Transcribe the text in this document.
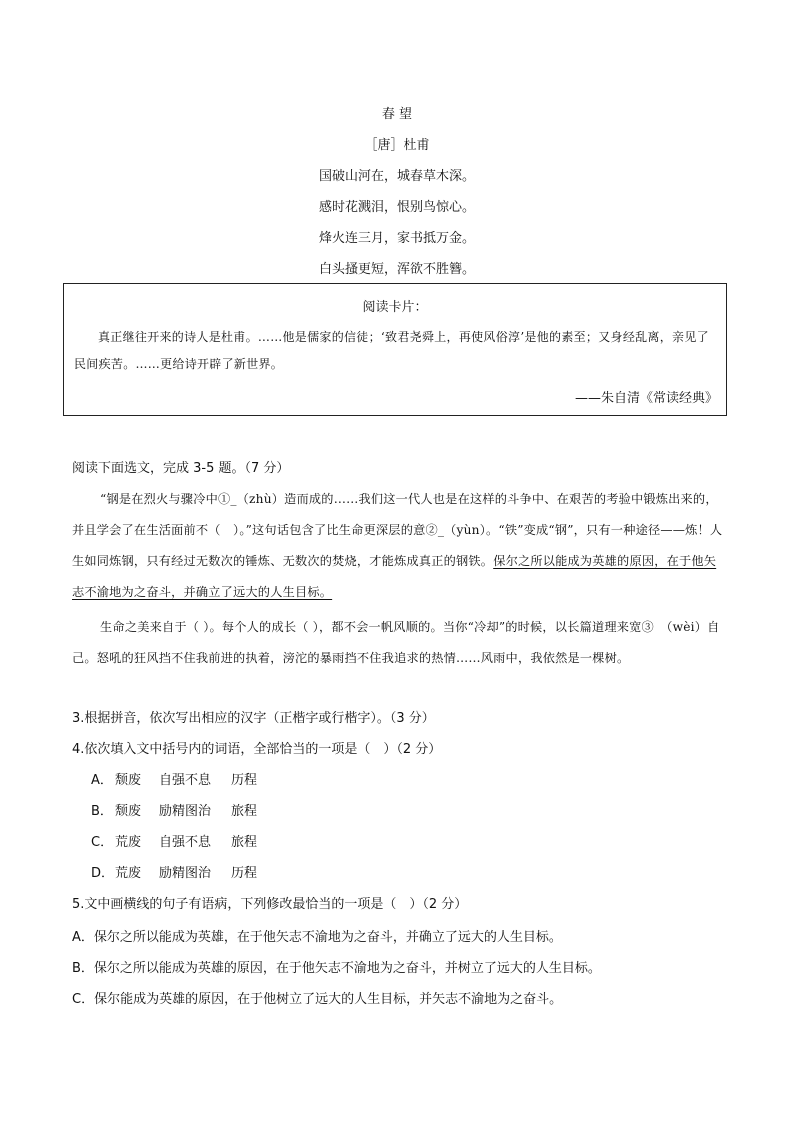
春 望
［唐］杜甫
国破山河在，城春草木深。
感时花溅泪，恨别鸟惊心。
烽火连三月，家书抵万金。
白头搔更短，浑欲不胜簪。
阅读卡片：
真正继往开来的诗人是杜甫。……他是儒家的信徒；‘致君尧舜上，再使风俗淳’是他的素至；又身经乱离，亲见了民间疾苦。……更给诗开辟了新世界。
——朱自清《常读经典》
阅读下面选文，完成 3-5 题。（7 分）

“钢是在烈火与骤冷中①_（zhù）造而成的……我们这一代人也是在这样的斗争中、在艰苦的考验中锻炼出来的，并且学会了在生活面前不（　）。”这句话包含了比生命更深层的意②_（yùn）。“铁”变成“钢”，只有一种途径——炼！人生如同炼钢，只有经过无数次的锤炼、无数次的焚烧，才能炼成真正的钢铁。保尔之所以能成为英雄的原因，在于他矢志不渝地为之奋斗，并确立了远大的人生目标。

生命之美来自于（ ）。每个人的成长（ ），都不会一帆风顺的。当你“冷却”的时候，以长篇道理来宽③　（wèi）自己。怒吼的狂风挡不住我前进的执着，滂沱的暴雨挡不住我追求的热情……风雨中，我依然是一棵树。

3.根据拼音，依次写出相应的汉字（正楷字或行楷字）。（3 分）
4.依次填入文中括号内的词语，全部恰当的一项是（　）（2 分）
A． 颓废 自强不息 历程
B． 颓废 励精图治 旅程
C． 荒废 自强不息 旅程
D．荒废 励精图治 历程
5.文中画横线的句子有语病，下列修改最恰当的一项是（　）（2 分）
A．保尔之所以能成为英雄，在于他矢志不渝地为之奋斗，并确立了远大的人生目标。
B．保尔之所以能成为英雄的原因，在于他矢志不渝地为之奋斗，并树立了远大的人生目标。
C．保尔能成为英雄的原因，在于他树立了远大的人生目标，并矢志不渝地为之奋斗。
